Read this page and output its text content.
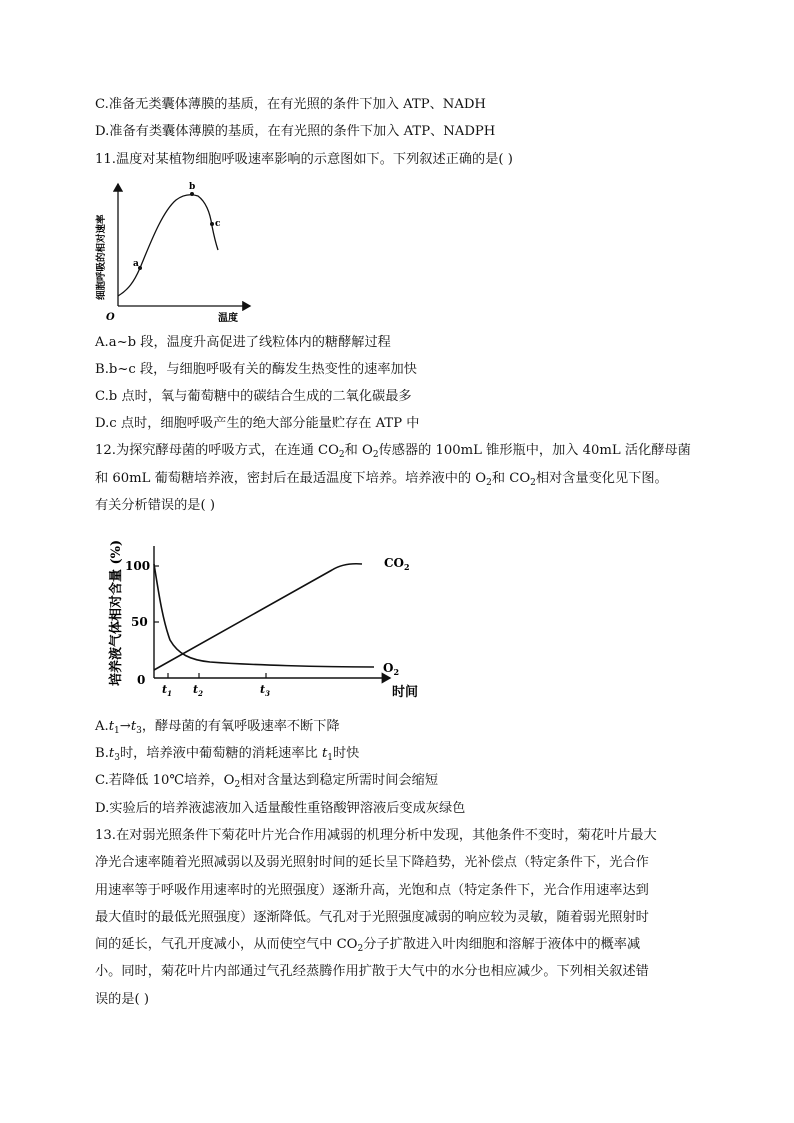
C.准备无类囊体薄膜的基质，在有光照的条件下加入 ATP、NADH
D.准备有类囊体薄膜的基质，在有光照的条件下加入 ATP、NADPH
11.温度对某植物细胞呼吸速率影响的示意图如下。下列叙述正确的是( )
a
b
c
O	温度
细胞呼吸的相对速率
A.a~b 段，温度升高促进了线粒体内的糖酵解过程
B.b~c 段，与细胞呼吸有关的酶发生热变性的速率加快
C.b 点时，氧与葡萄糖中的碳结合生成的二氧化碳最多
D.c 点时，细胞呼吸产生的绝大部分能量贮存在 ATP 中
12.为探究酵母菌的呼吸方式，在连通 $CO_2$和 $O_2$传感器的 100mL 锥形瓶中，加入 40mL 活化酵母菌
和 60mL 葡萄糖培养液，密封后在最适温度下培养。培养液中的 $O_2$和 $CO_2$相对含量变化见下图。
有关分析错误的是( )
100
50
0
$t_1$ $t_2$	$t_3$	时间
培养液气体相对含量 (%)	$CO_2$
$O_2$
$A.t_1\to t_3$，酵母菌的有氧呼吸速率不断下降
$B.t_3$时，培养液中葡萄糖的消耗速率比 $t_1$时快
C.若降低 10℃培养，$O_2$相对含量达到稳定所需时间会缩短
D.实验后的培养液滤液加入适量酸性重铬酸钾溶液后变成灰绿色

13.在对弱光照条件下菊花叶片光合作用减弱的机理分析中发现，其他条件不变时，菊花叶片最大

净光合速率随着光照减弱以及弱光照射时间的延长呈下降趋势，光补偿点（特定条件下，光合作

用速率等于呼吸作用速率时的光照强度）逐渐升高，光饱和点（特定条件下，光合作用速率达到

最大值时的最低光照强度）逐渐降低。气孔对于光照强度减弱的响应较为灵敏，随着弱光照射时

间的延长，气孔开度减小，从而使空气中 $CO_2$分子扩散进入叶肉细胞和溶解于液体中的概率减

小。同时，菊花叶片内部通过气孔经蒸腾作用扩散于大气中的水分也相应减少。下列相关叙述错

误的是( )
